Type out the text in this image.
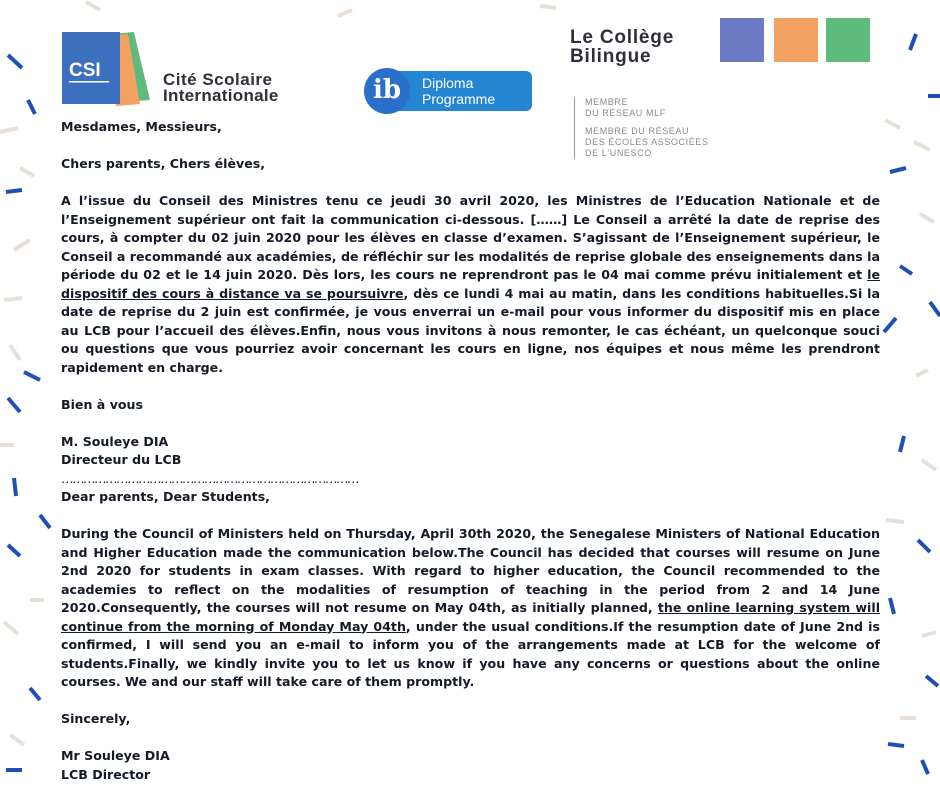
CSI	Cité Scolaire
Internationale
Diploma
Programme
ib
Le Collège
Bilingue
MEMBRE
DU RÉSEAU MLF
MEMBRE DU RÉSEAU
DES ÉCOLES ASSOCIÉES
DE L'UNESCO

Mesdames, Messieurs,

Chers parents, Chers élèves,

A l’issue du Conseil des Ministres tenu ce jeudi 30 avril 2020, les Ministres de l’Education Nationale et de l’Enseignement supérieur ont fait la communication ci-dessous. [……] Le Conseil a arrêté la date de reprise des cours, à compter du 02 juin 2020 pour les élèves en classe d’examen. S’agissant de l’Enseignement supérieur, le Conseil a recommandé aux académies, de réfléchir sur les modalités de reprise globale des enseignements dans la période du 02 et le 14 juin 2020. Dès lors, les cours ne reprendront pas le 04 mai comme prévu initialement et le dispositif des cours à distance va se poursuivre, dès ce lundi 4 mai au matin, dans les conditions habituelles.Si la date de reprise du 2 juin est confirmée, je vous enverrai un e-mail pour vous informer du dispositif mis en place au LCB pour l’accueil des élèves.Enfin, nous vous invitons à nous remonter, le cas échéant, un quelconque souci ou questions que vous pourriez avoir concernant les cours en ligne, nos équipes et nous même les prendront rapidement en charge.

Bien à vous

M. Souleye DIA

Directeur du LCB

………………………………………………………………………

Dear parents, Dear Students,

During the Council of Ministers held on Thursday, April 30th 2020, the Senegalese Ministers of National Education and Higher Education made the communication below.The Council has decided that courses will resume on June 2nd 2020 for students in exam classes. With regard to higher education, the Council recommended to the academies to reflect on the modalities of resumption of teaching in the period from 2 and 14 June 2020.Consequently, the courses will not resume on May 04th, as initially planned, the online learning system will continue from the morning of Monday May 04th, under the usual conditions.If the resumption date of June 2nd is confirmed, I will send you an e-mail to inform you of the arrangements made at LCB for the welcome of students.Finally, we kindly invite you to let us know if you have any concerns or questions about the online courses. We and our staff will take care of them promptly.

Sincerely,

Mr Souleye DIA

LCB Director
